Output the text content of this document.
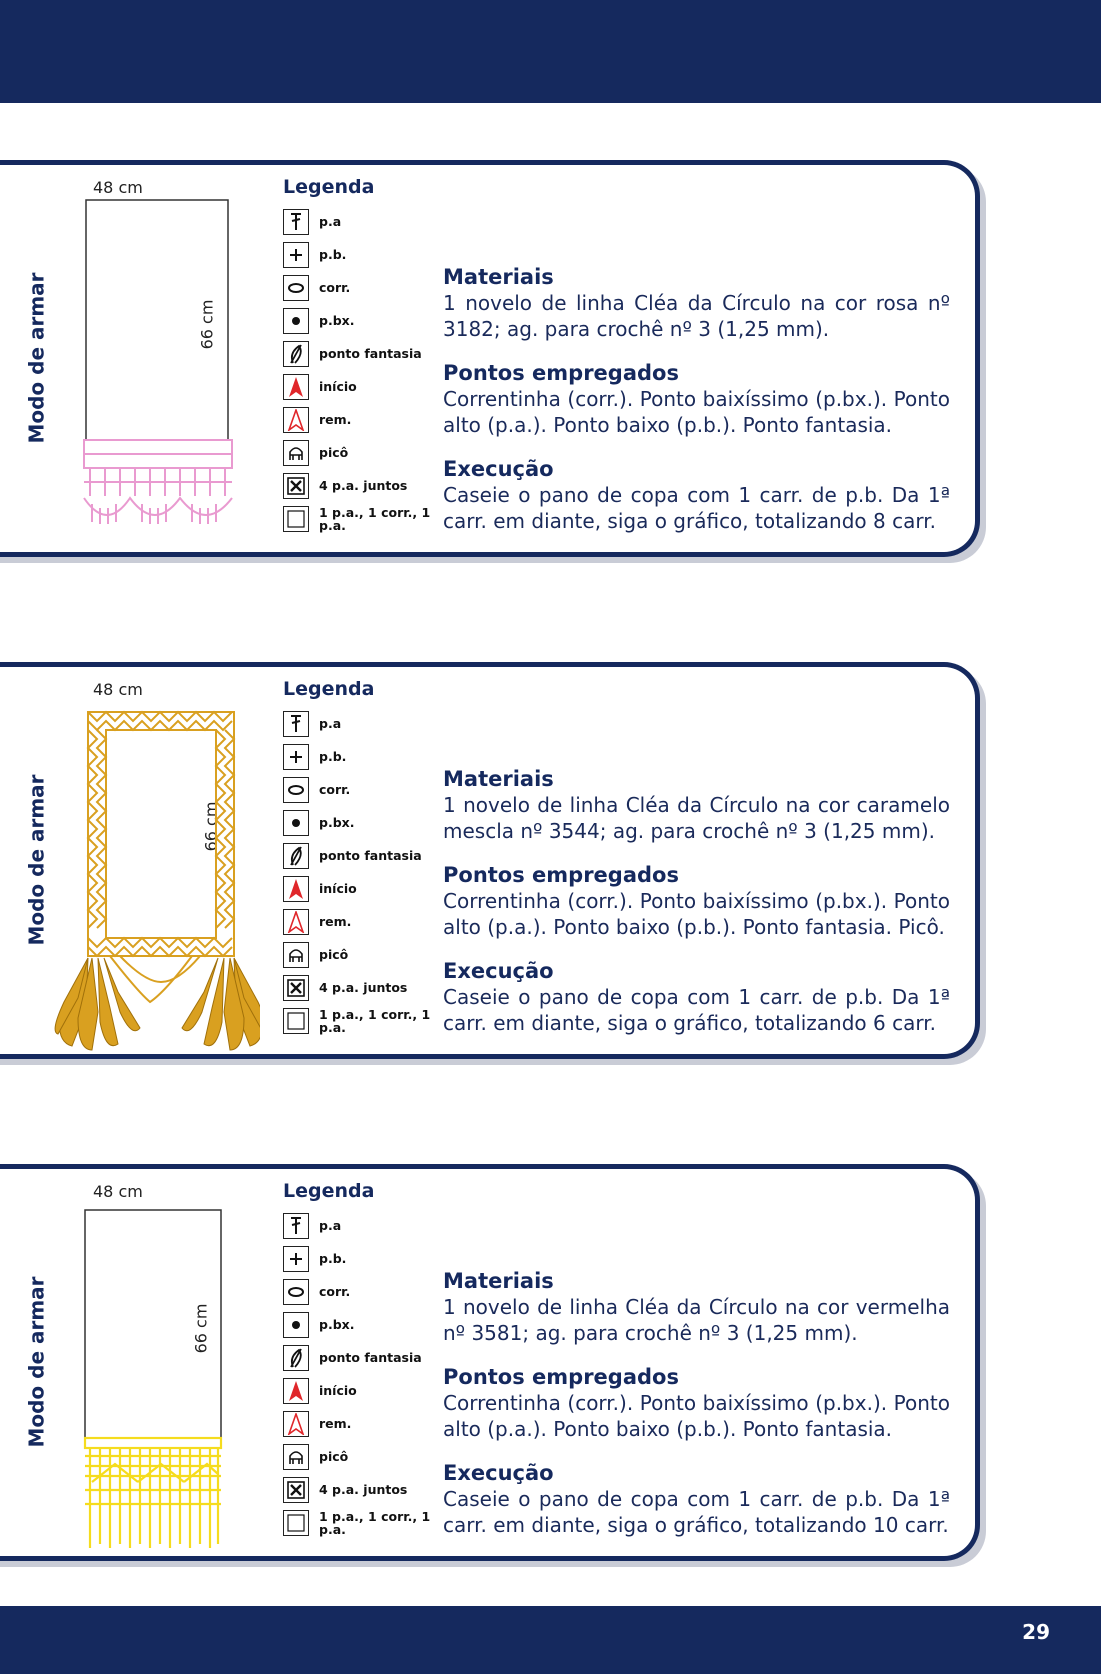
Modo de armar
48 cm
66 cm
Legenda
p.a
p.b.
corr.
p.bx.
ponto fantasia
início
rem.
picô
4 p.a. juntos
1 p.a., 1 corr., 1 p.a.
Materiais
1 novelo de linha Cléa da Círculo na cor rosa nº 3182; ag. para crochê nº 3 (1,25 mm).
Pontos empregados
Correntinha (corr.). Ponto baixíssimo (p.bx.). Ponto alto (p.a.). Ponto baixo (p.b.). Ponto fantasia.
Execução
Caseie o pano de copa com 1 carr. de p.b. Da 1ª carr. em diante, siga o gráfico, totalizando 8 carr.
Modo de armar
48 cm
66 cm
Legenda
p.a
p.b.
corr.
p.bx.
ponto fantasia
início
rem.
picô
4 p.a. juntos
1 p.a., 1 corr., 1 p.a.
Materiais
1 novelo de linha Cléa da Círculo na cor caramelo mescla nº 3544; ag. para crochê nº 3 (1,25 mm).
Pontos empregados
Correntinha (corr.). Ponto baixíssimo (p.bx.). Ponto alto (p.a.). Ponto baixo (p.b.). Ponto fantasia. Picô.
Execução
Caseie o pano de copa com 1 carr. de p.b. Da 1ª carr. em diante, siga o gráfico, totalizando 6 carr.
Modo de armar
48 cm
66 cm
Legenda
p.a
p.b.
corr.
p.bx.
ponto fantasia
início
rem.
picô
4 p.a. juntos
1 p.a., 1 corr., 1 p.a.
Materiais
1 novelo de linha Cléa da Círculo na cor vermelha nº 3581; ag. para crochê nº 3 (1,25 mm).
Pontos empregados
Correntinha (corr.). Ponto baixíssimo (p.bx.). Ponto alto (p.a.). Ponto baixo (p.b.). Ponto fantasia.
Execução
Caseie o pano de copa com 1 carr. de p.b. Da 1ª carr. em diante, siga o gráfico, totalizando 10 carr.
29
